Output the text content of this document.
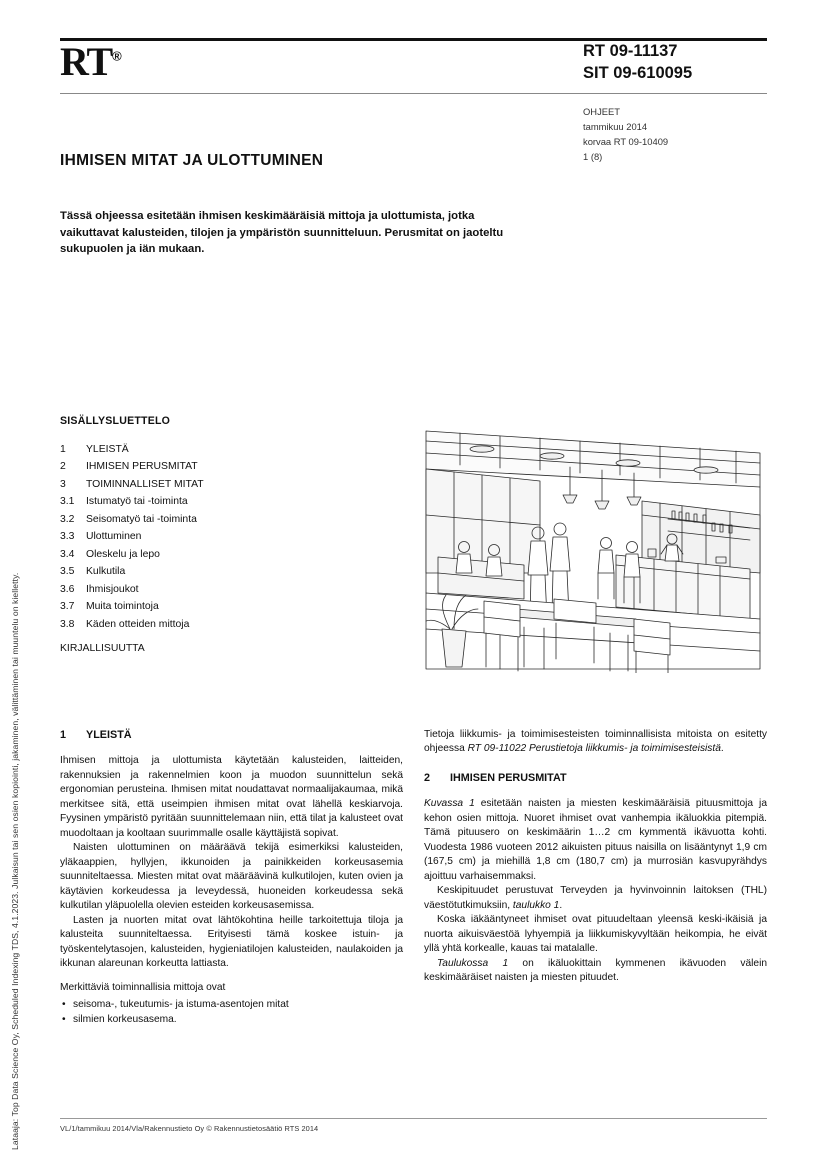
Lataaja: Top Data Science Oy, Scheduled Indexing TDS, 4.1.2023. Julkaisun tai sen osien kopiointi, jakaminen, välittäminen tai muuntelu on kielletty.
RT®	RT 09-11137
SIT 09-610095
OHJEET
tammikuu 2014
korvaa RT 09-10409
1 (8)
IHMISEN MITAT JA ULOTTUMINEN
Tässä ohjeessa esitetään ihmisen keskimääräisiä mittoja ja ulottumista, jotka vaikuttavat kalusteiden, tilojen ja ympäristön suunnitteluun. Perusmitat on jaoteltu sukupuolen ja iän mukaan.
SISÄLLYSLUETTELO
1	YLEISTÄ
2	IHMISEN PERUSMITAT
3	TOIMINNALLISET MITAT
3.1	Istumatyö tai -toiminta
3.2	Seisomatyö tai -toiminta
3.3	Ulottuminen
3.4	Oleskelu ja lepo
3.5	Kulkutila
3.6	Ihmisjoukot
3.7	Muita toimintoja
3.8	Käden otteiden mittoja
KIRJALLISUUTTA
1	YLEISTÄ

Ihmisen mittoja ja ulottumista käytetään kalusteiden, laitteiden, rakennuksien ja rakennelmien koon ja muodon suunnittelun sekä ergonomian perusteina. Ihmisen mitat noudattavat normaalijakaumaa, mikä merkitsee sitä, että useimpien ihmisen mitat ovat lähellä keskiarvoja. Fyysinen ympäristö pyritään suunnittelemaan niin, että tilat ja kalusteet ovat muodoltaan ja kooltaan suurimmalle osalle käyttäjistä sopivat.

Naisten ulottuminen on määräävä tekijä esimerkiksi kalusteiden, yläkaappien, hyllyjen, ikkunoiden ja painikkeiden korkeusasemia suunniteltaessa. Miesten mitat ovat määräävinä kulkutilojen, kuten ovien ja käytävien korkeudessa ja leveydessä, huoneiden korkeudessa sekä kulkutilan yläpuolella olevien esteiden korkeusasemissa.

Lasten ja nuorten mitat ovat lähtökohtina heille tarkoitettuja tiloja ja kalusteita suunniteltaessa. Erityisesti tämä koskee istuin- ja työskentelytasojen, kalusteiden, hygieniatilojen kalusteiden, naulakoiden ja ikkunan alareunan korkeutta lattiasta.

Merkittäviä toiminnallisia mittoja ovat

• seisoma-, tukeutumis- ja istuma-asentojen mitat
• silmien korkeusasema.

Tietoja liikkumis- ja toimimisesteisten toiminnallisista mitoista on esitetty ohjeessa RT 09-11022 Perustietoja liikkumis- ja toimimisesteisistä.

2	IHMISEN PERUSMITAT

Kuvassa 1 esitetään naisten ja miesten keskimääräisiä pituusmittoja ja kehon osien mittoja. Nuoret ihmiset ovat vanhempia ikäluokkia pitempiä. Tämä pituusero on keskimäärin 1…2 cm kymmentä ikävuotta kohti. Vuodesta 1986 vuoteen 2012 aikuisten pituus naisilla on lisääntynyt 1,9 cm (167,5 cm) ja miehillä 1,8 cm (180,7 cm) ja murrosiän kasvupyrähdys ajoittuu varhaisemmaksi.

Keskipituudet perustuvat Terveyden ja hyvinvoinnin laitoksen (THL) väestötutkimuksiin, taulukko 1.

Koska iäkääntyneet ihmiset ovat pituudeltaan yleensä keski-ikäisiä ja nuorta aikuisväestöä lyhyempiä ja liikkumiskyvyltään heikompia, he eivät yllä yhtä korkealle, kauas tai matalalle.

Taulukossa 1 on ikäluokittain kymmenen ikävuoden välein keskimääräiset naisten ja miesten pituudet.

VL/1/tammikuu 2014/Vla/Rakennustieto Oy © Rakennustietosäätiö RTS 2014
